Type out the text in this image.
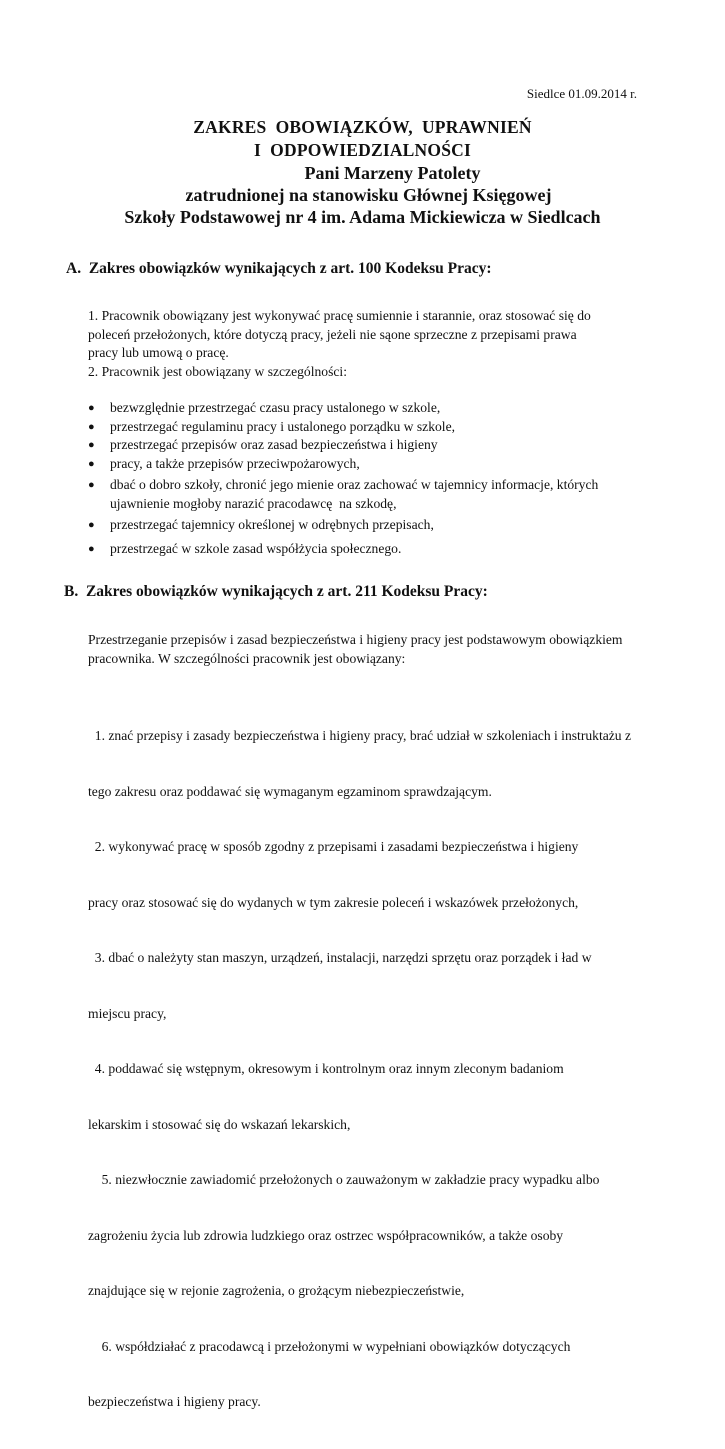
Siedlce 01.09.2014 r.
ZAKRES  OBOWIĄZKÓW,  UPRAWNIEŃ
I  ODPOWIEDZIALNOŚCI
Pani Marzeny Patolety
zatrudnionej na stanowisku Głównej Księgowej
Szkoły Podstawowej nr 4 im. Adama Mickiewicza w Siedlcach
A.  Zakres obowiązków wynikających z art. 100 Kodeksu Pracy:
1. Pracownik obowiązany jest wykonywać pracę sumiennie i starannie, oraz stosować się do
poleceń przełożonych, które dotyczą pracy, jeżeli nie sąone sprzeczne z przepisami prawa
pracy lub umową o pracę.
2. Pracownik jest obowiązany w szczególności:
● bezwzględnie przestrzegać czasu pracy ustalonego w szkole,
● przestrzegać regulaminu pracy i ustalonego porządku w szkole,
● przestrzegać przepisów oraz zasad bezpieczeństwa i higieny
● pracy, a także przepisów przeciwpożarowych,
● dbać o dobro szkoły, chronić jego mienie oraz zachować w tajemnicy informacje, których
ujawnienie mogłoby narazić pracodawcę  na szkodę,
● przestrzegać tajemnicy określonej w odrębnych przepisach,
● przestrzegać w szkole zasad współżycia społecznego.
B.  Zakres obowiązków wynikających z art. 211 Kodeksu Pracy:
Przestrzeganie przepisów i zasad bezpieczeństwa i higieny pracy jest podstawowym obowiązkiem
pracownika. W szczególności pracownik jest obowiązany:

1. znać przepisy i zasady bezpieczeństwa i higieny pracy, brać udział w szkoleniach i instruktażu z

tego zakresu oraz poddawać się wymaganym egzaminom sprawdzającym.

2. wykonywać pracę w sposób zgodny z przepisami i zasadami bezpieczeństwa i higieny

pracy oraz stosować się do wydanych w tym zakresie poleceń i wskazówek przełożonych,

3. dbać o należyty stan maszyn, urządzeń, instalacji, narzędzi sprzętu oraz porządek i ład w

miejscu pracy,

4. poddawać się wstępnym, okresowym i kontrolnym oraz innym zleconym badaniom

lekarskim i stosować się do wskazań lekarskich,

5. niezwłocznie zawiadomić przełożonych o zauważonym w zakładzie pracy wypadku albo

zagrożeniu życia lub zdrowia ludzkiego oraz ostrzec współpracowników, a także osoby

znajdujące się w rejonie zagrożenia, o grożącym niebezpieczeństwie,

6. współdziałać z pracodawcą i przełożonymi w wypełniani obowiązków dotyczących

bezpieczeństwa i higieny pracy.
